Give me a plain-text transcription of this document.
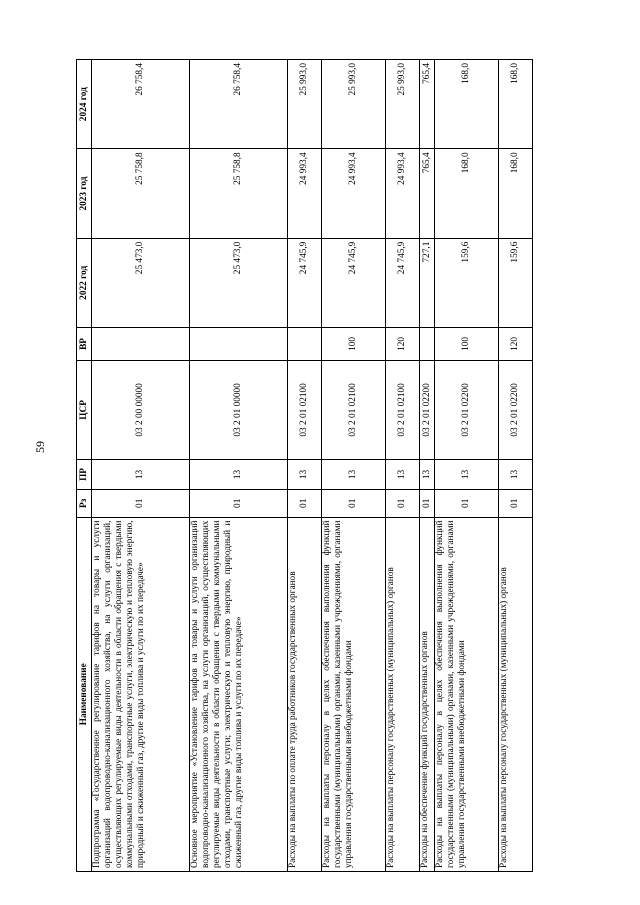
59
Наименование	Рз	ПР	ЦСР	ВР	2022 год	2023 год	2024 год
Подпрограмма «Государственное регулирование тарифов на товары и услуги организаций водопроводно-канализационного хозяйства, на услуги организаций, осуществляющих регулируемые виды деятельности в области обращения с твердыми коммунальными отходами, транспортные услуги, электрическую и тепловую энергию, природный и сжиженный газ, другие виды топлива и услуги по их передаче»	01	13	03 2 00 00000		25 473,0	25 758,8	26 758,4
Основное мероприятие «Установление тарифов на товары и услуги организаций водопроводно-канализационного хозяйства, на услуги организаций, осуществляющих регулируемые виды деятельности в области обращения с твердыми коммунальными отходами, транспортные услуги; электрическую и тепловую энергию, природный и сжиженный газ, другие виды топлива и услуги по их передаче»	01	13	03 2 01 00000		25 473,0	25 758,8	26 758,4
Расходы на выплаты по оплате труда работников государственных органов	01	13	03 2 01 02100		24 745,9	24 993,4	25 993,0
Расходы на выплаты персоналу в целях обеспечения выполнения функций государственными (муниципальными) органами, казенными учреждениями, органами управления государственными внебюджетными фондами	01	13	03 2 01 02100	100	24 745,9	24 993,4	25 993,0
Расходы на выплаты персоналу государственных (муниципальных) органов	01	13	03 2 01 02100	120	24 745,9	24 993,4	25 993,0
Расходы на обеспечение функций государственных органов	01	13	03 2 01 02200		727,1	765,4	765,4
Расходы на выплаты персоналу в целях обеспечения выполнения функций государственными (муниципальными) органами, казенными учреждениями, органами управления государственными внебюджетными фондами	01	13	03 2 01 02200	100	159,6	168,0	168,0
Расходы на выплаты персоналу государственных (муниципальных) органов	01	13	03 2 01 02200	120	159,6	168,0	168,0
